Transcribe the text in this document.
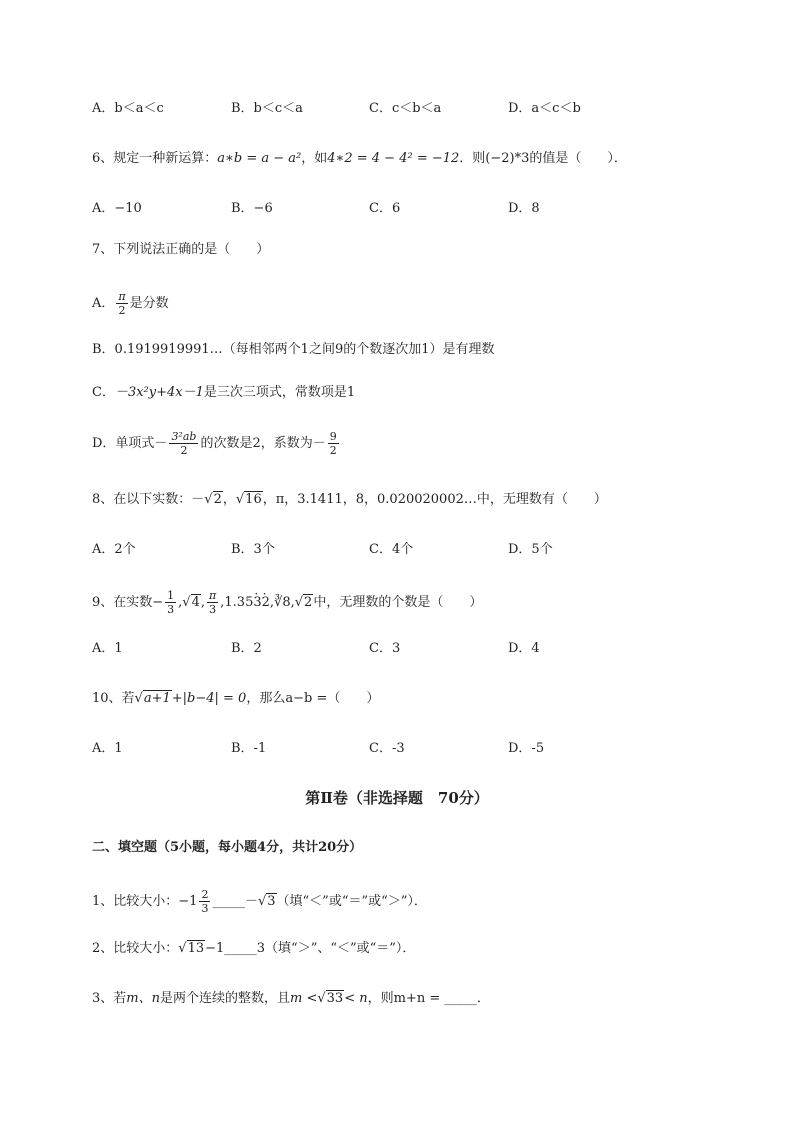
A．b＜a＜c	B．b＜c＜a	C．c＜b＜a	D．a＜c＜b
6、规定一种新运算：a∗b = a − a²，如4∗2 = 4 − 4² = −12．则(−2)*3的值是（　　）．
A．−10	B．−6	C．6	D．8
7、下列说法正确的是（　　）
A． $\frac{\pi}{2}$ 是分数
B．0.1919919991…（每相邻两个1之间9的个数逐次加1）是有理数
C．－3x²y+4x－1是三次三项式，常数项是1
D．单项式－ $\frac{\text{3²ab}}{2}$ 的次数是2，系数为－ $\frac{9}{2}$
8、在以下实数：－√2，√16，π，3.1411，8，0.020020002…中，无理数有（　　）
A．2个	B．3个	C．4个	D．5个
9、在实数− $\frac{1}{3} ,√4$, $\frac{\pi}{3} ,1.35\cdot 3\cdot$ 2,∛8,√2中，无理数的个数是（　　）
A．1	B．2	C．3	D．4
10、若√a+1+|b−4| = 0，那么a−b =（　　）
A．1	B．-1	C．-3	D．-5
第Ⅱ卷（非选择题　70分）
二、填空题（5小题，每小题4分，共计20分）
1、比较大小：$-1 \frac{2}{3}$ _____－√3（填“＜”或“＝”或“＞”）．
2、比较大小：√13−1_____3（填“＞”、“＜”或“＝”）．
3、若m、n是两个连续的整数，且m <√33< n，则m+n = _____．
